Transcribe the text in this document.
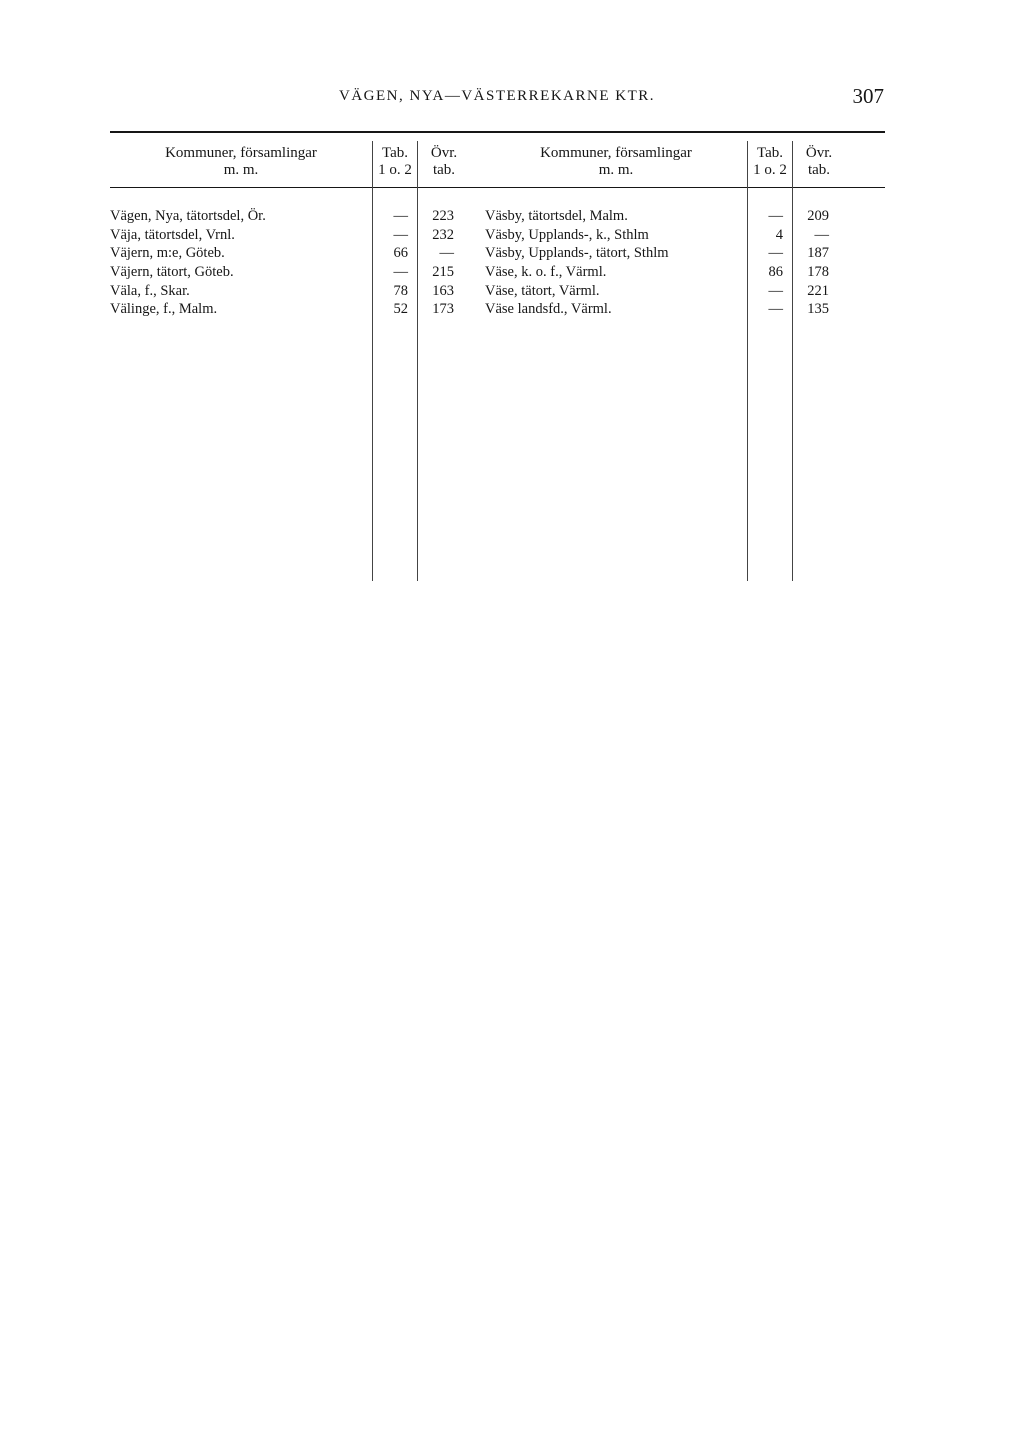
VÄGEN, NYA—VÄSTERREKARNE KTR.	307
Kommuner, församlingar
m. m.
Tab.
1 o. 2
Övr.
tab.
Vägen, Nya, tätortsdel, Ör.	—	223
Väja, tätortsdel, Vrnl.	—	232
Väjern, m:e, Göteb.	66	—
Väjern, tätort, Göteb.	—	215
Väla, f., Skar.	78	163
Välinge, f., Malm.	52	173
Kommuner, församlingar
m. m.
Tab.
1 o. 2
Övr.
tab.
Väsby, tätortsdel, Malm.	—	209
Väsby, Upplands-, k., Sthlm	4	—
Väsby, Upplands-, tätort, Sthlm	—	187
Väse, k. o. f., Värml.	86	178
Väse, tätort, Värml.	—	221
Väse landsfd., Värml.	—	135
